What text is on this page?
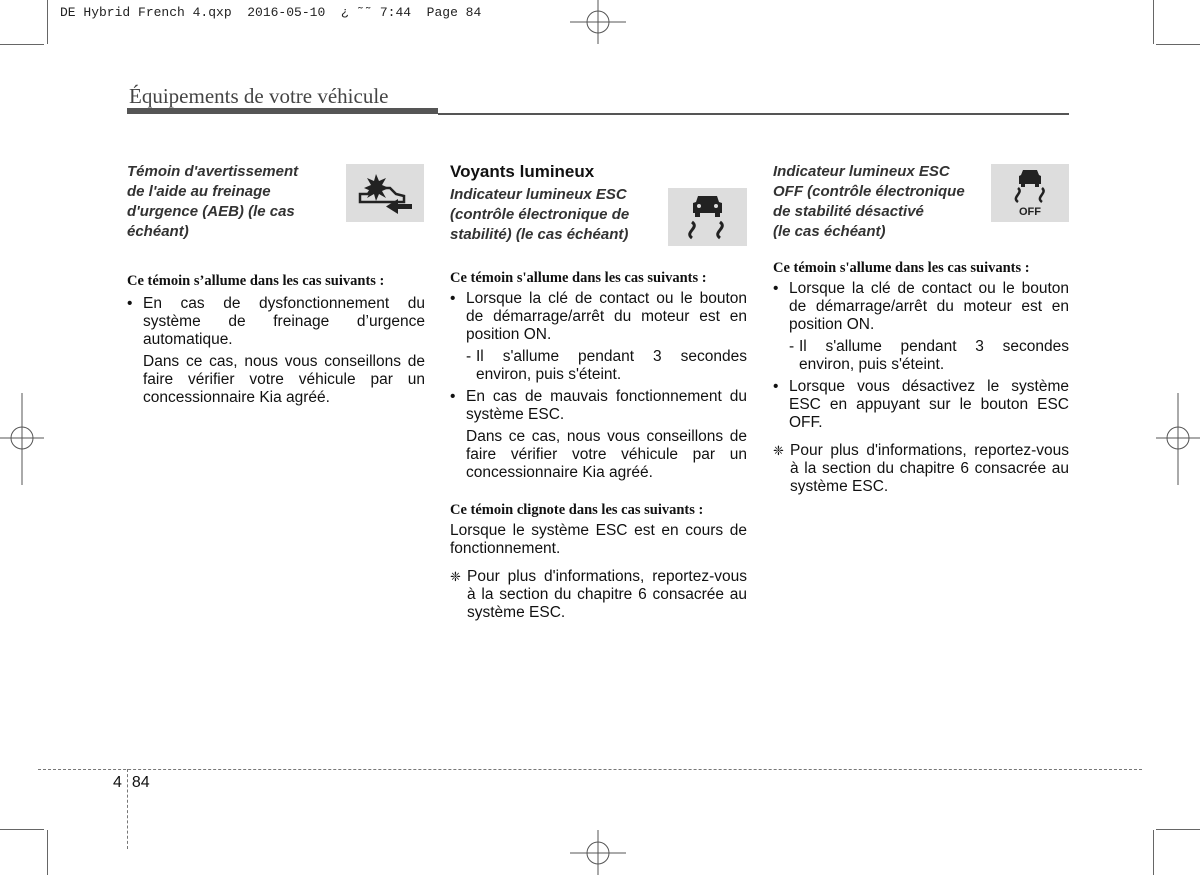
DE Hybrid French 4.qxp  2016-05-10  ¿ ˜˜ 7:44  Page 84
Équipements de votre véhicule
Témoin d'avertissement
de l'aide au freinage
d'urgence (AEB) (le cas
échéant)
Ce témoin s’allume dans les cas suivants :
• En cas de dysfonctionnement du système de freinage d’urgence automatique.
Dans ce cas, nous vous conseillons de faire vérifier votre véhicule par un concessionnaire Kia agréé.
Voyants lumineux
Indicateur lumineux ESC
(contrôle électronique de
stabilité) (le cas échéant)
Ce témoin s'allume dans les cas suivants :
• Lorsque la clé de contact ou le bouton de démarrage/arrêt du moteur est en position ON.
- Il s'allume pendant 3 secondes environ, puis s'éteint.
• En cas de mauvais fonctionnement du système ESC.
Dans ce cas, nous vous conseillons de faire vérifier votre véhicule par un concessionnaire Kia agréé.
Ce témoin clignote dans les cas suivants :
Lorsque le système ESC est en cours de fonctionnement.
❈ Pour plus d'informations, reportez-vous à la section du chapitre 6 consacrée au système ESC.
Indicateur lumineux ESC
OFF (contrôle électronique
de stabilité désactivé
(le cas échéant)
OFF
Ce témoin s'allume dans les cas suivants :
• Lorsque la clé de contact ou le bouton de démarrage/arrêt du moteur est en position ON.
- Il s'allume pendant 3 secondes environ, puis s'éteint.
• Lorsque vous désactivez le système ESC en appuyant sur le bouton ESC OFF.
❈ Pour plus d'informations, reportez-vous à la section du chapitre 6 consacrée au système ESC.
4 84
